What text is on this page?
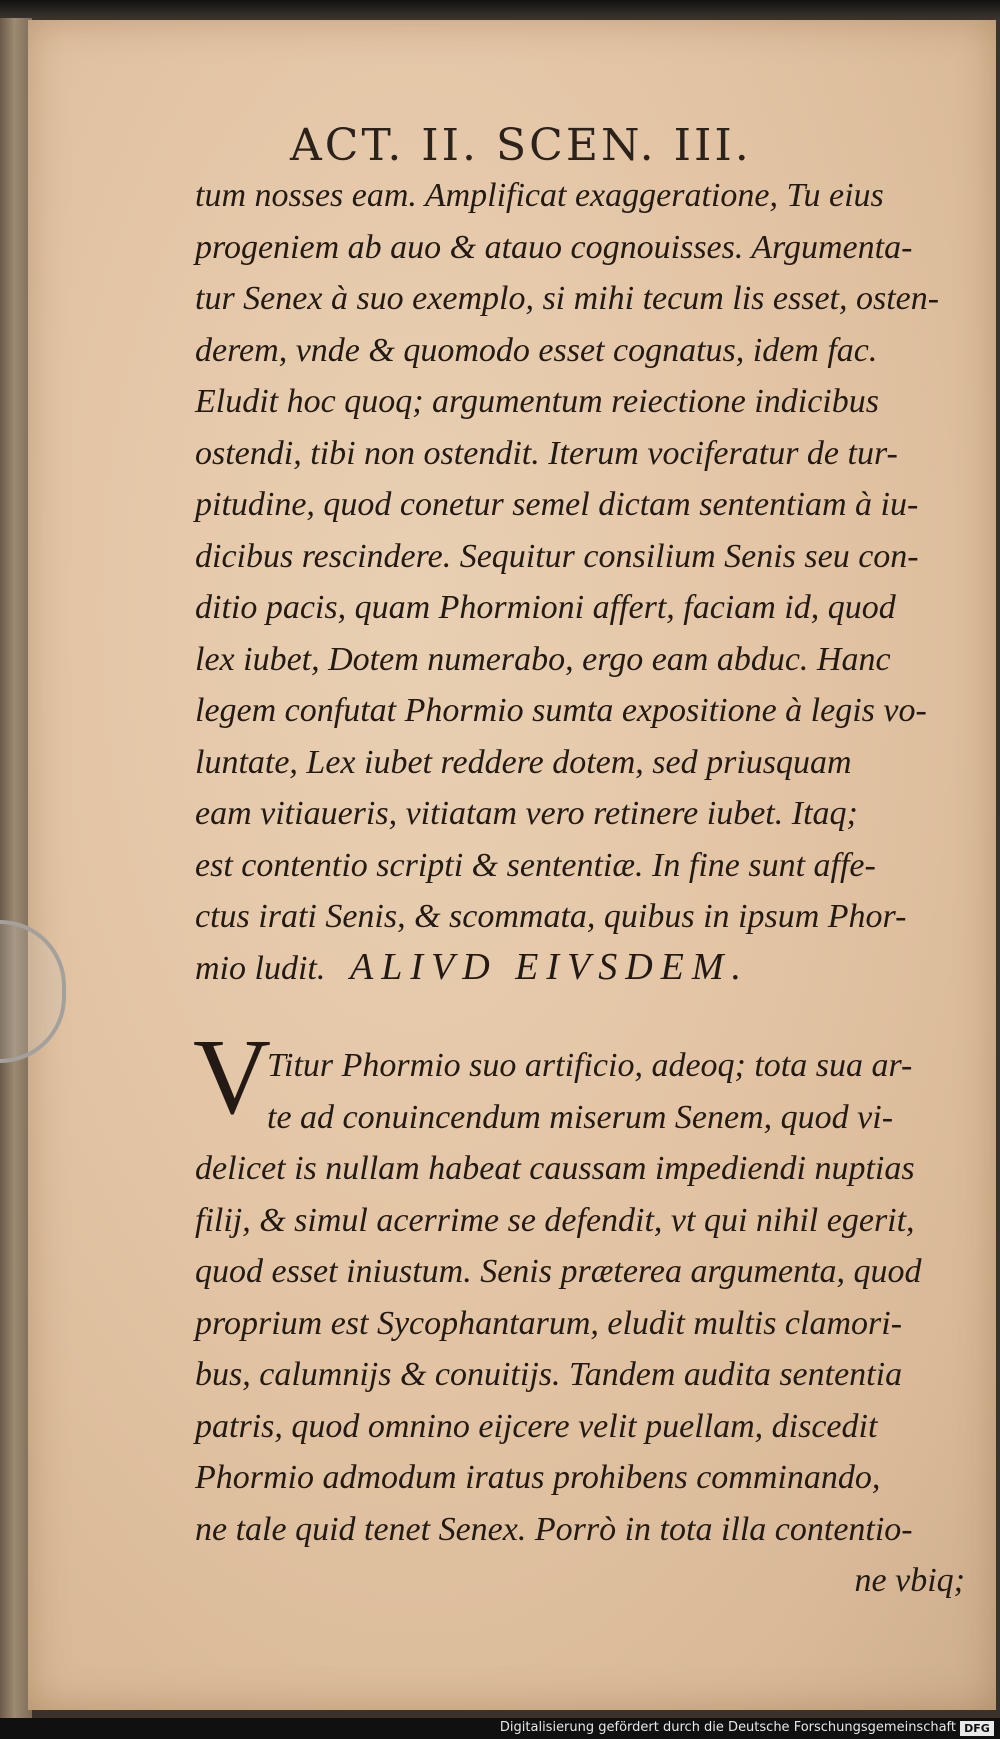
ACT. II. SCEN. III.
tum nosses eam. Amplificat exaggeratione, Tu eius
progeniem ab auo & atauo cognouisses. Argumenta-
tur Senex à suo exemplo, si mihi tecum lis esset, osten-
derem, vnde & quomodo esset cognatus, idem fac.
Eludit hoc quoq; argumentum reiectione indicibus
ostendi, tibi non ostendit. Iterum vociferatur de tur-
pitudine, quod conetur semel dictam sententiam à iu-
dicibus rescindere. Sequitur consilium Senis seu con-
ditio pacis, quam Phormioni affert, faciam id, quod
lex iubet, Dotem numerabo, ergo eam abduc. Hanc
legem confutat Phormio sumta expositione à legis vo-
luntate, Lex iubet reddere dotem, sed priusquam
eam vitiaueris, vitiatam vero retinere iubet. Itaq;
est contentio scripti & sententiæ. In fine sunt affe-
ctus irati Senis, & scommata, quibus in ipsum Phor-
mio ludit. ALIVD EIVSDEM.
V
Titur Phormio suo artificio, adeoq; tota sua ar-
te ad conuincendum miserum Senem, quod vi-
delicet is nullam habeat caussam impediendi nuptias
filij, & simul acerrime se defendit, vt qui nihil egerit,
quod esset iniustum. Senis præterea argumenta, quod
proprium est Sycophantarum, eludit multis clamori-
bus, calumnijs & conuitijs. Tandem audita sententia
patris, quod omnino eijcere velit puellam, discedit
Phormio admodum iratus prohibens comminando,
ne tale quid tenet Senex. Porrò in tota illa contentio-
ne vbiq;
Digitalisierung gefördert durch die Deutsche Forschungsgemeinschaft DFG
